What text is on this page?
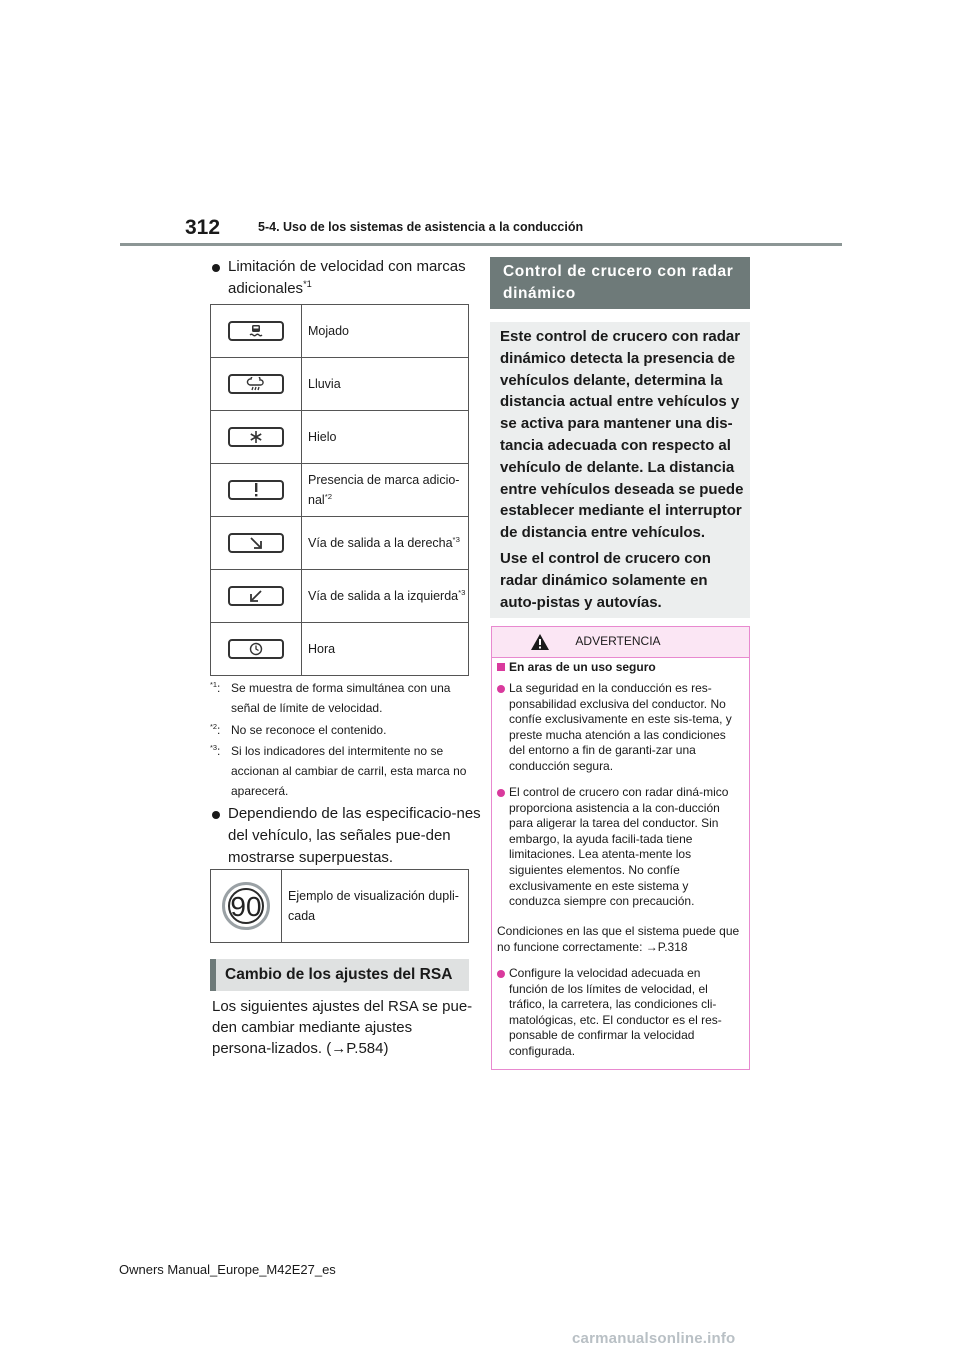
312	5-4. Uso de los sistemas de asistencia a la conducción
Limitación de velocidad con marcas adicionales$^{*1}$
	Mojado

	Lluvia

	Hielo

	Presencia de marca adicio-nal$^{*2}$

	Vía de salida a la derecha$^{*3}$

	Vía de salida a la izquierda$^{*3}$

	Hora
$^{*1}$: Se muestra de forma simultánea con una señal de límite de velocidad.
$^{*2}$: No se reconoce el contenido.
$^{*3}$: Si los indicadores del intermitente no se accionan al cambiar de carril, esta marca no aparecerá.
Dependiendo de las especificacio-nes del vehículo, las señales pue-den mostrarse superpuestas.
90	Ejemplo de visualización dupli-cada
Cambio de los ajustes del RSA
Los siguientes ajustes del RSA se pue-den cambiar mediante ajustes persona-lizados. (→P.584)
Control de crucero con radar dinámico
Este control de crucero con radar dinámico detecta la presencia de vehículos delante, determina la distancia actual entre vehículos y se activa para mantener una dis-tancia adecuada con respecto al vehículo de delante. La distancia entre vehículos deseada se puede establecer mediante el interruptor de distancia entre vehículos.
Use el control de crucero con radar dinámico solamente en auto-pistas y autovías.
ADVERTENCIA
En aras de un uso seguro
La seguridad en la conducción es res-ponsabilidad exclusiva del conductor. No confíe exclusivamente en este sis-tema, y preste mucha atención a las condiciones del entorno a fin de garanti-zar una conducción segura.
El control de crucero con radar diná-mico proporciona asistencia a la con-ducción para aligerar la tarea del conductor. Sin embargo, la ayuda facili-tada tiene limitaciones. Lea atenta-mente los siguientes elementos. No confíe exclusivamente en este sistema y conduzca siempre con precaución.
Condiciones en las que el sistema puede que no funcione correctamente: →P.318
Configure la velocidad adecuada en función de los límites de velocidad, el tráfico, la carretera, las condiciones cli-matológicas, etc. El conductor es el res-ponsable de confirmar la velocidad configurada.
Owners Manual_Europe_M42E27_es
carmanualsonline.info
